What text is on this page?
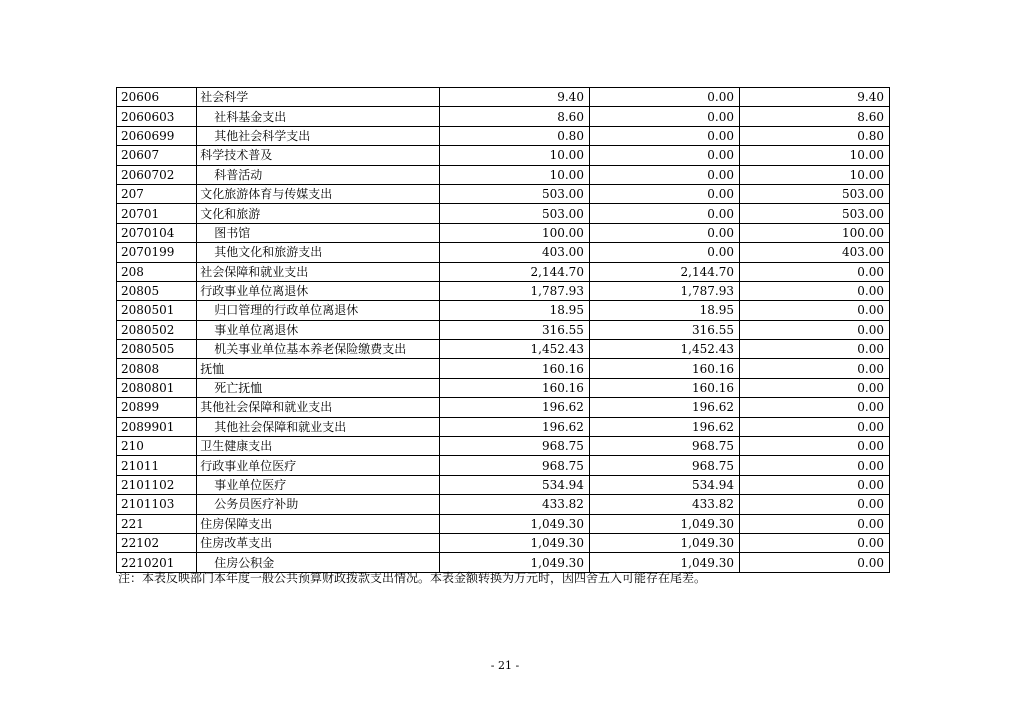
20606	社会科学	9.40	0.00	9.40
2060603	社科基金支出	8.60	0.00	8.60
2060699	其他社会科学支出	0.80	0.00	0.80
20607	科学技术普及	10.00	0.00	10.00
2060702	科普活动	10.00	0.00	10.00
207	文化旅游体育与传媒支出	503.00	0.00	503.00
20701	文化和旅游	503.00	0.00	503.00
2070104	图书馆	100.00	0.00	100.00
2070199	其他文化和旅游支出	403.00	0.00	403.00
208	社会保障和就业支出	2,144.70	2,144.70	0.00
20805	行政事业单位离退休	1,787.93	1,787.93	0.00
2080501	归口管理的行政单位离退休	18.95	18.95	0.00
2080502	事业单位离退休	316.55	316.55	0.00
2080505	机关事业单位基本养老保险缴费支出	1,452.43	1,452.43	0.00
20808	抚恤	160.16	160.16	0.00
2080801	死亡抚恤	160.16	160.16	0.00
20899	其他社会保障和就业支出	196.62	196.62	0.00
2089901	其他社会保障和就业支出	196.62	196.62	0.00
210	卫生健康支出	968.75	968.75	0.00
21011	行政事业单位医疗	968.75	968.75	0.00
2101102	事业单位医疗	534.94	534.94	0.00
2101103	公务员医疗补助	433.82	433.82	0.00
221	住房保障支出	1,049.30	1,049.30	0.00
22102	住房改革支出	1,049.30	1,049.30	0.00
2210201	住房公积金	1,049.30	1,049.30	0.00
注：本表反映部门本年度一般公共预算财政拨款支出情况。本表金额转换为万元时，因四舍五入可能存在尾差。
- 21 -
